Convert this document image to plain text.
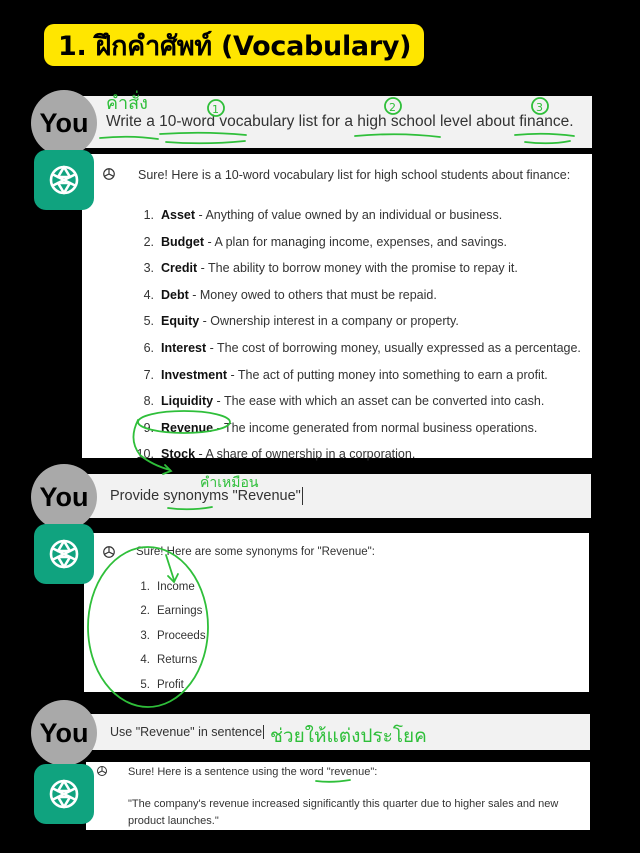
1. ฝึกคำศัพท์ (Vocabulary)
Write a 10-word vocabulary list for a high school level about finance.
You
Sure! Here is a 10-word vocabulary list for high school students about finance:
1. Asset - Anything of value owned by an individual or business.
2. Budget - A plan for managing income, expenses, and savings.
3. Credit - The ability to borrow money with the promise to repay it.
4. Debt - Money owed to others that must be repaid.
5. Equity - Ownership interest in a company or property.
6. Interest - The cost of borrowing money, usually expressed as a percentage.
7. Investment - The act of putting money into something to earn a profit.
8. Liquidity - The ease with which an asset can be converted into cash.
9. Revenue - The income generated from normal business operations.
10. Stock - A share of ownership in a corporation.
Provide synonyms "Revenue"
You
Sure! Here are some synonyms for "Revenue":
1. Income
2. Earnings
3. Proceeds
4. Returns
5. Profit
Use "Revenue" in sentence
You
Sure! Here is a sentence using the word "revenue":
"The company's revenue increased significantly this quarter due to higher sales and new product launches."
คำสั่ง
คำเหมือน
ช่วยให้แต่งประโยค
1	2	3
